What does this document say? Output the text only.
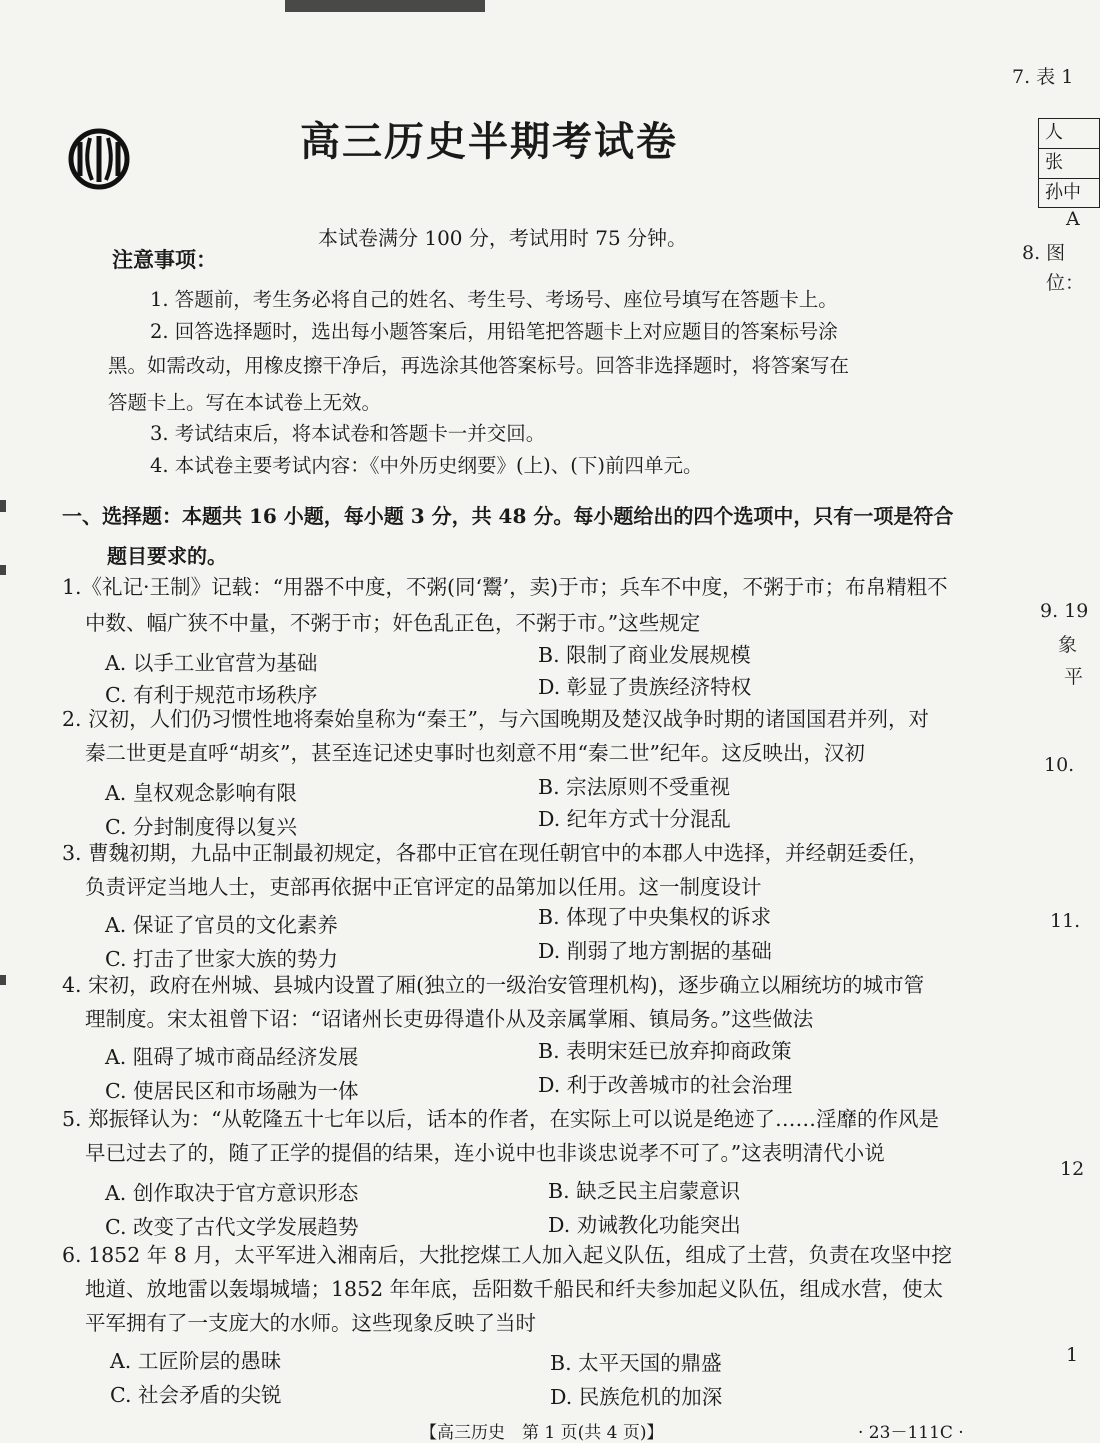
高三历史半期考试卷
本试卷满分 100 分，考试用时 75 分钟。
注意事项：
1. 答题前，考生务必将自己的姓名、考生号、考场号、座位号填写在答题卡上。
2. 回答选择题时，选出每小题答案后，用铅笔把答题卡上对应题目的答案标号涂
黑。如需改动，用橡皮擦干净后，再选涂其他答案标号。回答非选择题时，将答案写在
答题卡上。写在本试卷上无效。
3. 考试结束后，将本试卷和答题卡一并交回。
4. 本试卷主要考试内容：《中外历史纲要》(上)、(下)前四单元。
一、选择题：本题共 16 小题，每小题 3 分，共 48 分。每小题给出的四个选项中，只有一项是符合
题目要求的。
1.《礼记·王制》记载：“用器不中度，不粥(同‘鬻’，卖)于市；兵车不中度，不粥于市；布帛精粗不
中数、幅广狭不中量，不粥于市；奸色乱正色，不粥于市。”这些规定
A. 以手工业官营为基础	B. 限制了商业发展规模
C. 有利于规范市场秩序	D. 彰显了贵族经济特权
2. 汉初，人们仍习惯性地将秦始皇称为“秦王”，与六国晚期及楚汉战争时期的诸国国君并列，对
秦二世更是直呼“胡亥”，甚至连记述史事时也刻意不用“秦二世”纪年。这反映出，汉初
A. 皇权观念影响有限	B. 宗法原则不受重视
C. 分封制度得以复兴	D. 纪年方式十分混乱
3. 曹魏初期，九品中正制最初规定，各郡中正官在现任朝官中的本郡人中选择，并经朝廷委任，
负责评定当地人士，吏部再依据中正官评定的品第加以任用。这一制度设计
A. 保证了官员的文化素养	B. 体现了中央集权的诉求
C. 打击了世家大族的势力	D. 削弱了地方割据的基础
4. 宋初，政府在州城、县城内设置了厢(独立的一级治安管理机构)，逐步确立以厢统坊的城市管
理制度。宋太祖曾下诏：“诏诸州长吏毋得遣仆从及亲属掌厢、镇局务。”这些做法
A. 阻碍了城市商品经济发展	B. 表明宋廷已放弃抑商政策
C. 使居民区和市场融为一体	D. 利于改善城市的社会治理
5. 郑振铎认为：“从乾隆五十七年以后，话本的作者，在实际上可以说是绝迹了……淫靡的作风是
早已过去了的，随了正学的提倡的结果，连小说中也非谈忠说孝不可了。”这表明清代小说
A. 创作取决于官方意识形态	B. 缺乏民主启蒙意识
C. 改变了古代文学发展趋势	D. 劝诫教化功能突出
6. 1852 年 8 月，太平军进入湘南后，大批挖煤工人加入起义队伍，组成了土营，负责在攻坚中挖
地道、放地雷以轰塌城墙；1852 年年底，岳阳数千船民和纤夫参加起义队伍，组成水营，使太
平军拥有了一支庞大的水师。这些现象反映了当时
A. 工匠阶层的愚昧	B. 太平天国的鼎盛
C. 社会矛盾的尖锐	D. 民族危机的加深
【高三历史　第 1 页(共 4 页)】	· 23－111C ·
7. 表 1
人
张
孙中
A
8. 图
位：
9. 19
象
平
10.
11.
12
1
